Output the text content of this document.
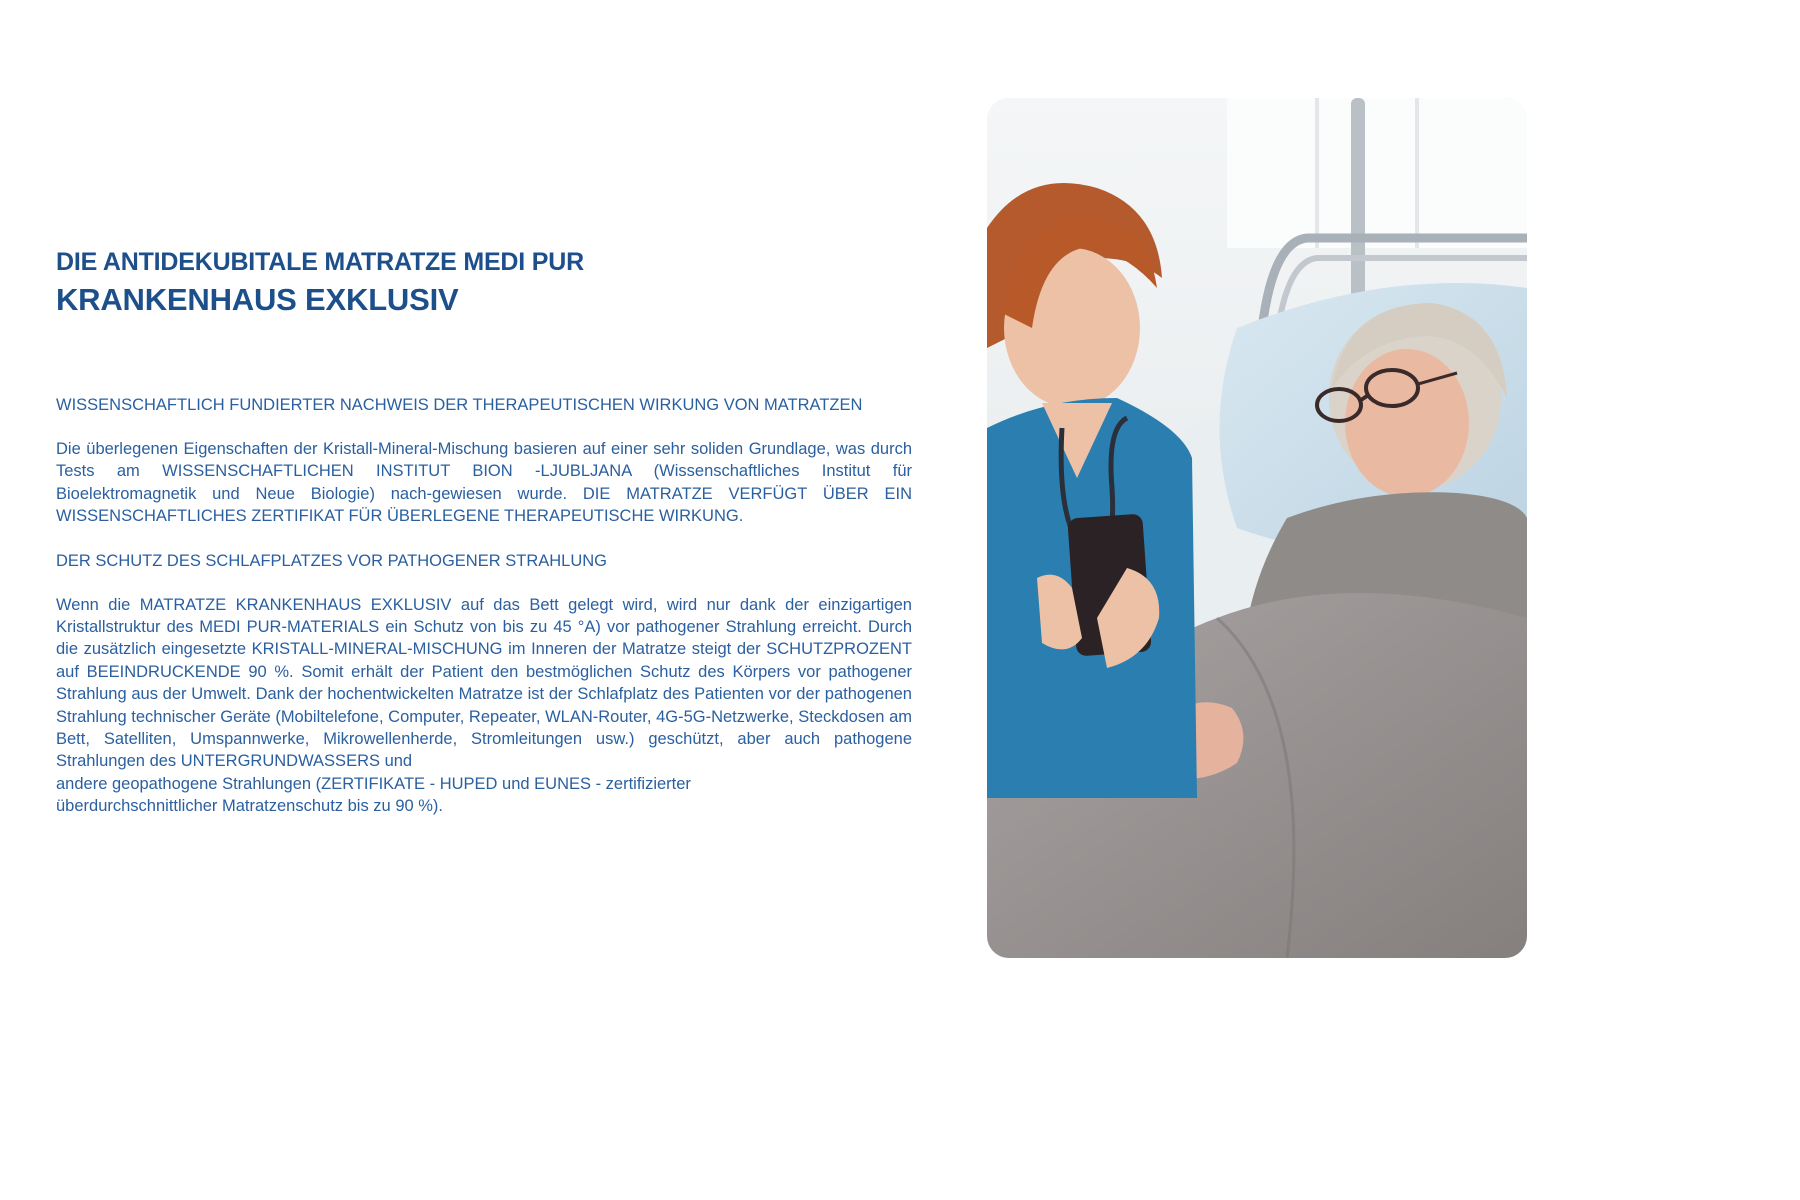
DIE ANTIDEKUBITALE MATRATZE MEDI PUR
KRANKENHAUS EXKLUSIV
WISSENSCHAFTLICH FUNDIERTER NACHWEIS DER THERAPEUTISCHEN WIRKUNG VON MATRATZEN

Die überlegenen Eigenschaften der Kristall-Mineral-Mischung basieren auf einer sehr soliden Grundlage, was durch Tests am WISSENSCHAFTLICHEN INSTITUT BION -LJUBLJANA (Wissenschaftliches Institut für Bioelektromagnetik und Neue Biologie) nach-gewiesen wurde. DIE MATRATZE VERFÜGT ÜBER EIN WISSENSCHAFTLICHES ZERTIFIKAT FÜR ÜBERLEGENE THERAPEUTISCHE WIRKUNG.

DER SCHUTZ DES SCHLAFPLATZES VOR PATHOGENER STRAHLUNG

Wenn die MATRATZE KRANKENHAUS EXKLUSIV auf das Bett gelegt wird, wird nur dank der einzigartigen Kristallstruktur des MEDI PUR-MATERIALS ein Schutz von bis zu 45 °A) vor pathogener Strahlung erreicht. Durch die zusätzlich eingesetzte KRISTALL-MINERAL-MISCHUNG im Inneren der Matratze steigt der SCHUTZPROZENT auf BEEINDRUCKENDE 90 %. Somit erhält der Patient den bestmöglichen Schutz des Körpers vor pathogener Strahlung aus der Umwelt. Dank der hochentwickelten Matratze ist der Schlafplatz des Patienten vor der pathogenen Strahlung technischer Geräte (Mobiltelefone, Computer, Repeater, WLAN-Router, 4G-5G-Netzwerke, Steckdosen am Bett, Satelliten, Umspannwerke, Mikrowellenherde, Stromleitungen usw.) geschützt, aber auch pathogene Strahlungen des UNTERGRUNDWASSERS und

andere geopathogene Strahlungen (ZERTIFIKATE - HUPED und EUNES - zertifizierter

überdurchschnittlicher Matratzenschutz bis zu 90 %).
